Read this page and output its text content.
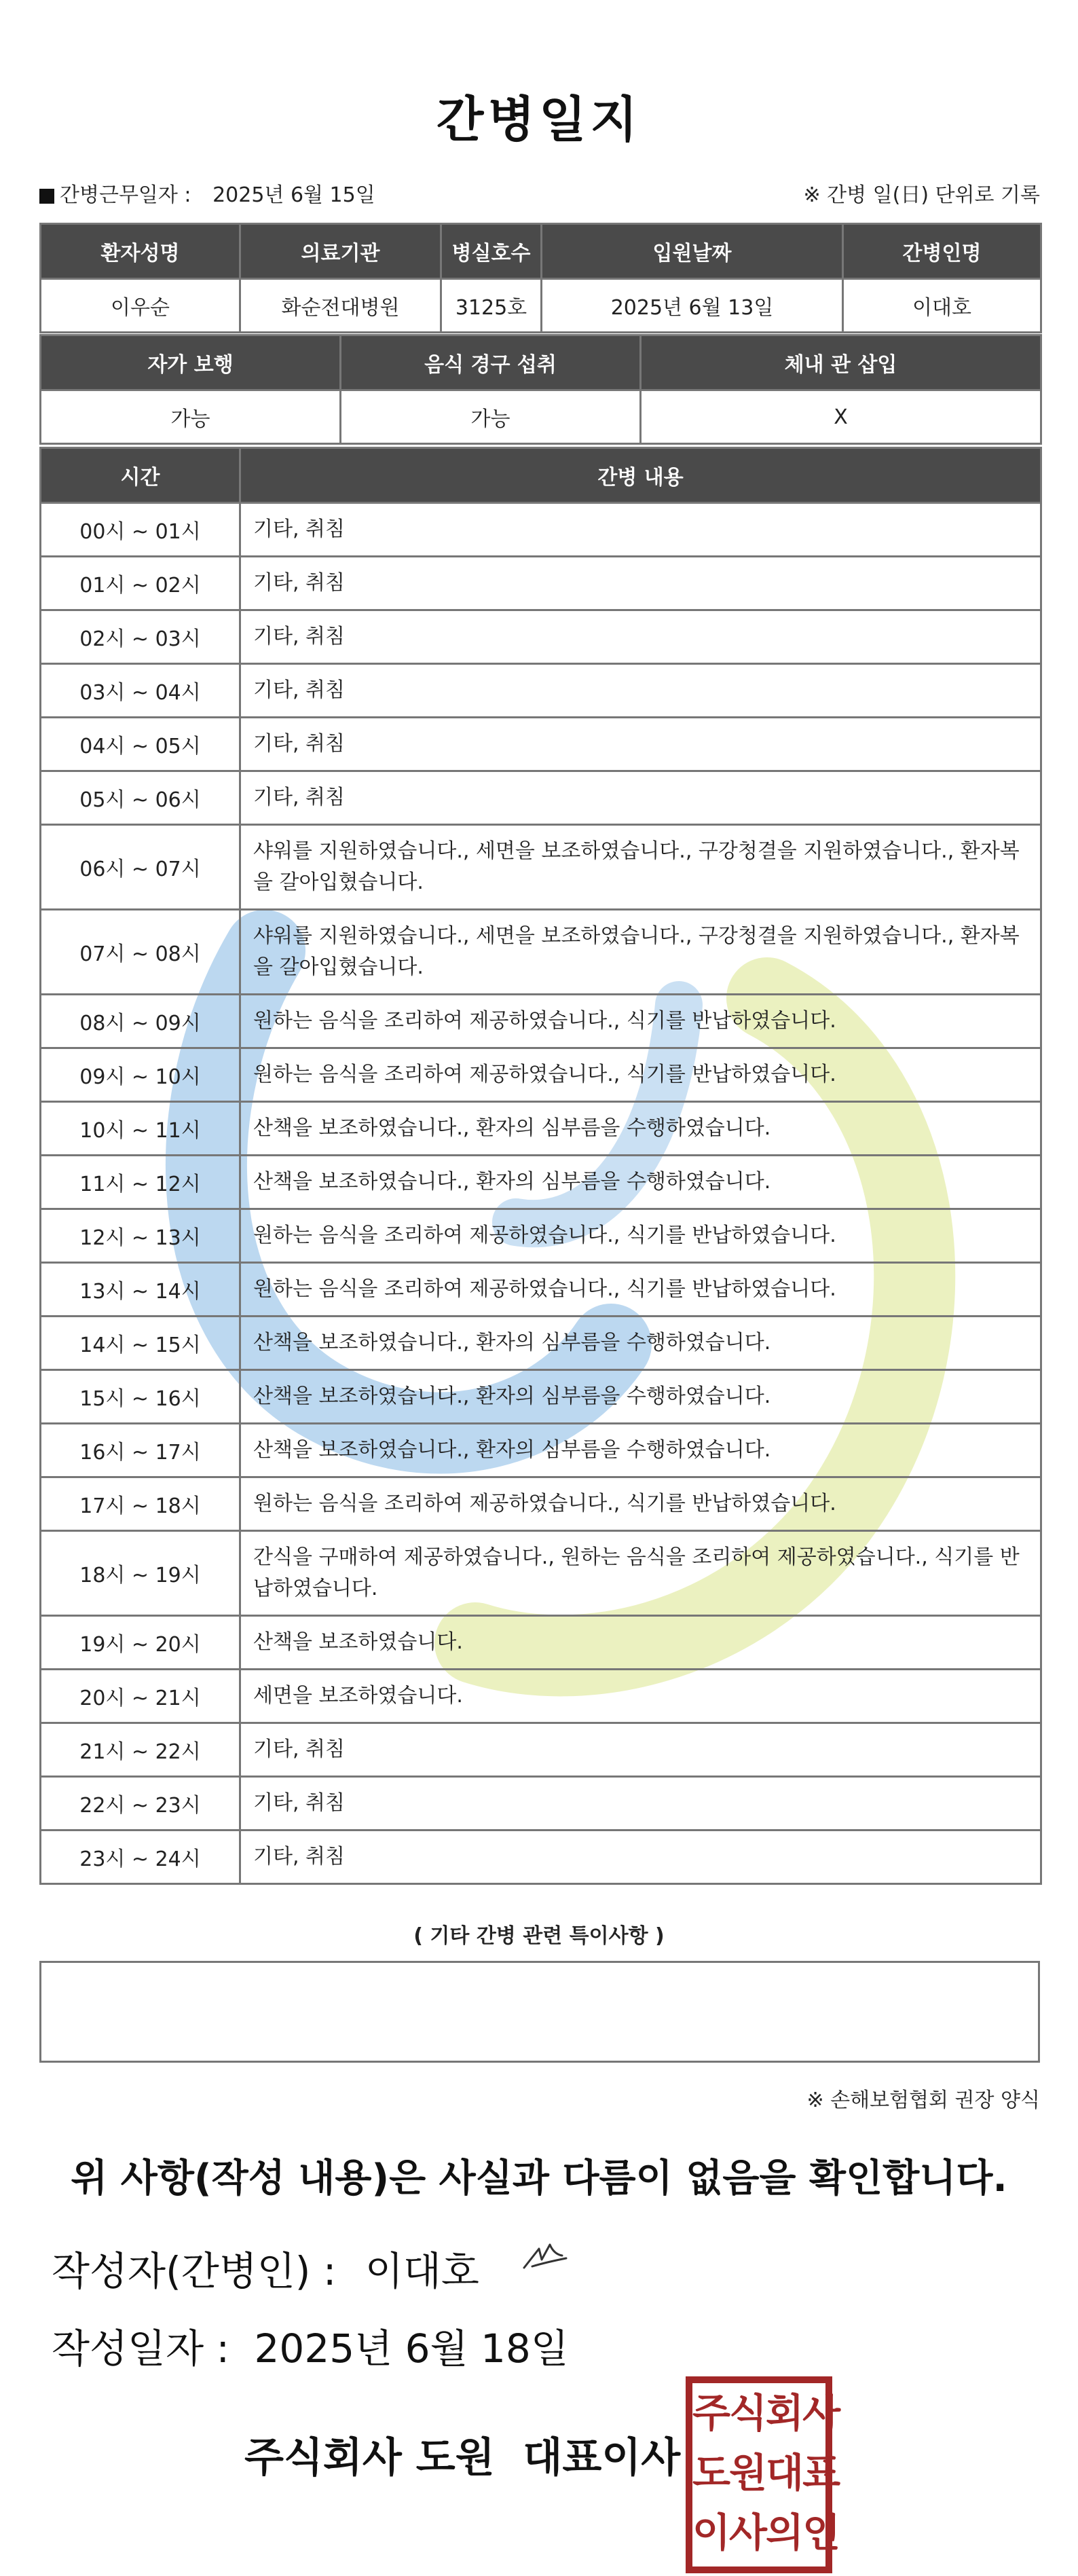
간병일지
간병근무일자 : 2025년 6월 15일	※ 간병 일(日) 단위로 기록
환자성명	의료기관	병실호수	입원날짜	간병인명
이우순	화순전대병원	3125호	2025년 6월 13일	이대호
자가 보행	음식 경구 섭취	체내 관 삽입
가능	가능	X
시간	간병 내용
00시 ~ 01시	기타, 취침
01시 ~ 02시	기타, 취침
02시 ~ 03시	기타, 취침
03시 ~ 04시	기타, 취침
04시 ~ 05시	기타, 취침
05시 ~ 06시	기타, 취침
06시 ~ 07시	샤워를 지원하였습니다., 세면을 보조하였습니다., 구강청결을 지원하였습니다., 환자복을 갈아입혔습니다.
07시 ~ 08시	샤워를 지원하였습니다., 세면을 보조하였습니다., 구강청결을 지원하였습니다., 환자복을 갈아입혔습니다.
08시 ~ 09시	원하는 음식을 조리하여 제공하였습니다., 식기를 반납하였습니다.
09시 ~ 10시	원하는 음식을 조리하여 제공하였습니다., 식기를 반납하였습니다.
10시 ~ 11시	산책을 보조하였습니다., 환자의 심부름을 수행하였습니다.
11시 ~ 12시	산책을 보조하였습니다., 환자의 심부름을 수행하였습니다.
12시 ~ 13시	원하는 음식을 조리하여 제공하였습니다., 식기를 반납하였습니다.
13시 ~ 14시	원하는 음식을 조리하여 제공하였습니다., 식기를 반납하였습니다.
14시 ~ 15시	산책을 보조하였습니다., 환자의 심부름을 수행하였습니다.
15시 ~ 16시	산책을 보조하였습니다., 환자의 심부름을 수행하였습니다.
16시 ~ 17시	산책을 보조하였습니다., 환자의 심부름을 수행하였습니다.
17시 ~ 18시	원하는 음식을 조리하여 제공하였습니다., 식기를 반납하였습니다.
18시 ~ 19시	간식을 구매하여 제공하였습니다., 원하는 음식을 조리하여 제공하였습니다., 식기를 반납하였습니다.
19시 ~ 20시	산책을 보조하였습니다.
20시 ~ 21시	세면을 보조하였습니다.
21시 ~ 22시	기타, 취침
22시 ~ 23시	기타, 취침
23시 ~ 24시	기타, 취침
( 기타 간병 관련 특이사항 )
※ 손해보험협회 권장 양식
위 사항(작성 내용)은 사실과 다름이 없음을 확인합니다.
작성자(간병인) : 이대호
작성일자 : 2025년 6월 18일
주식회사 도원  대표이사
주식회사
도원대표
이사의인
